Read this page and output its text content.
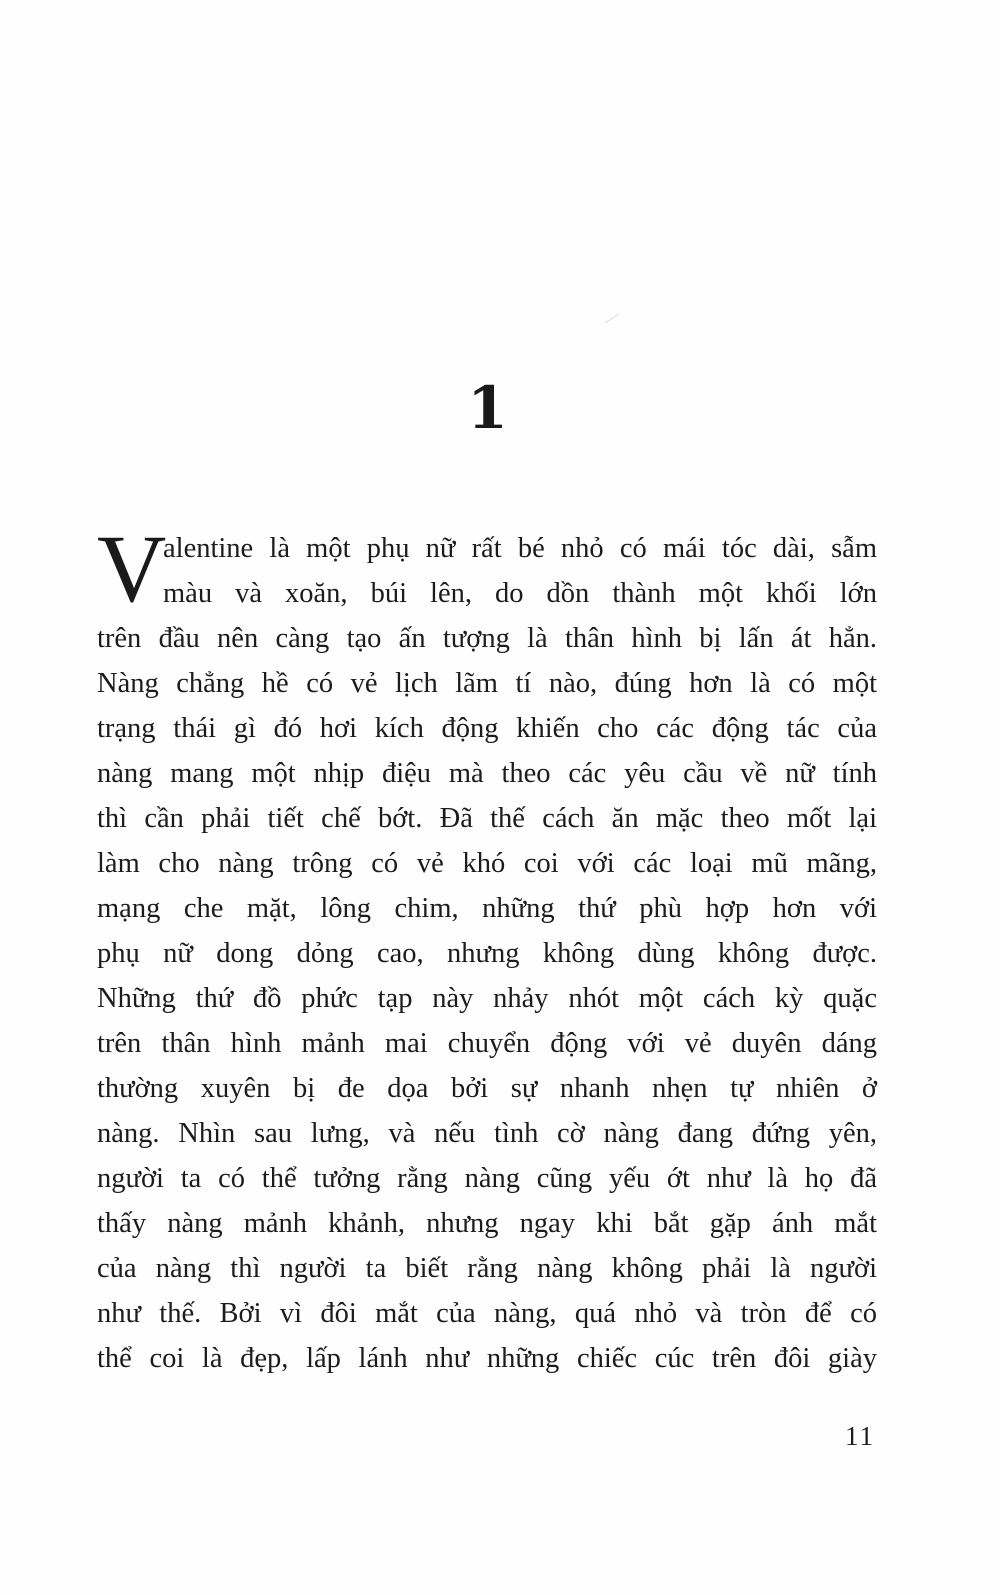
1
V
alentine là một phụ nữ rất bé nhỏ có mái tóc dài, sẫm
màu và xoăn, búi lên, do dồn thành một khối lớn
trên đầu nên càng tạo ấn tượng là thân hình bị lấn át hẳn.
Nàng chẳng hề có vẻ lịch lãm tí nào, đúng hơn là có một
trạng thái gì đó hơi kích động khiến cho các động tác của
nàng mang một nhịp điệu mà theo các yêu cầu về nữ tính
thì cần phải tiết chế bớt. Đã thế cách ăn mặc theo mốt lại
làm cho nàng trông có vẻ khó coi với các loại mũ mãng,
mạng che mặt, lông chim, những thứ phù hợp hơn với
phụ nữ dong dỏng cao, nhưng không dùng không được.
Những thứ đồ phức tạp này nhảy nhót một cách kỳ quặc
trên thân hình mảnh mai chuyển động với vẻ duyên dáng
thường xuyên bị đe dọa bởi sự nhanh nhẹn tự nhiên ở
nàng. Nhìn sau lưng, và nếu tình cờ nàng đang đứng yên,
người ta có thể tưởng rằng nàng cũng yếu ớt như là họ đã
thấy nàng mảnh khảnh, nhưng ngay khi bắt gặp ánh mắt
của nàng thì người ta biết rằng nàng không phải là người
như thế. Bởi vì đôi mắt của nàng, quá nhỏ và tròn để có
thể coi là đẹp, lấp lánh như những chiếc cúc trên đôi giày
11
